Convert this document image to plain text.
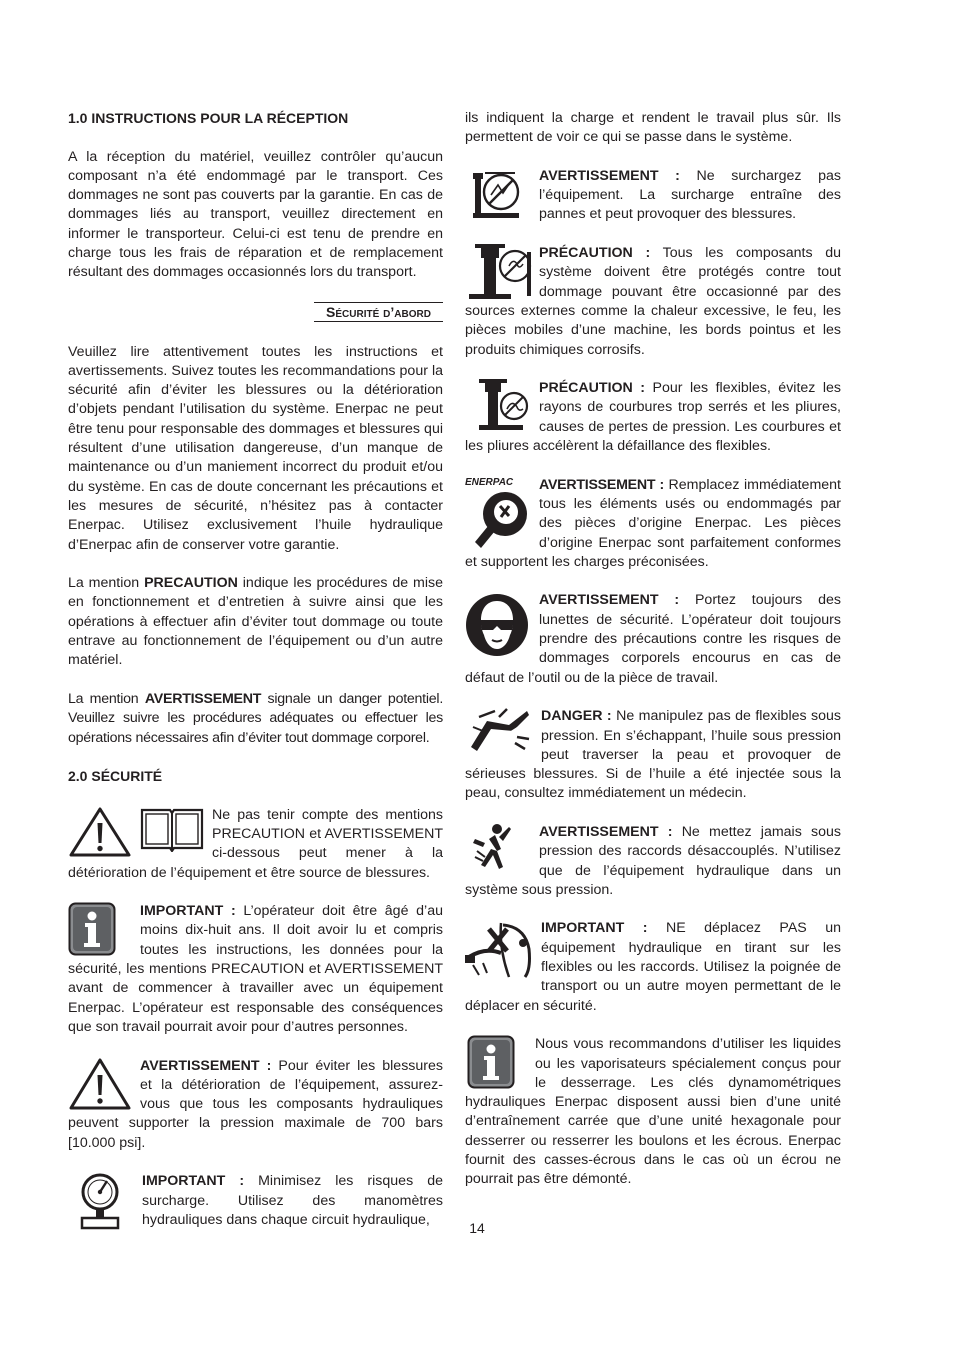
1.0 INSTRUCTIONS POUR LA RÉCEPTION

A la réception du matériel, veuillez contrôler qu’aucun composant n’a été endommagé par le transport. Ces dommages ne sont pas couverts par la garantie. En cas de dommages liés au transport, veuillez directement en informer le transporteur. Celui-ci est tenu de prendre en charge tous les frais de réparation et de remplacement résultant des dommages occasionnés lors du transport.

Sécurité d’abord

Veuillez lire attentivement toutes les instructions et avertissements. Suivez toutes les recommandations pour la sécurité afin d’éviter les blessures ou la détérioration d’objets pendant l’utilisation du système. Enerpac ne peut être tenu pour responsable des dommages et blessures qui résultent d’une utilisation dangereuse, d’un manque de maintenance ou d’un maniement incorrect du produit et/ou du système. En cas de doute concernant les précautions et les mesures de sécurité, n’hésitez pas à contacter Enerpac. Utilisez exclusivement l’huile hydraulique d’Enerpac afin de conserver votre garantie.

La mention PRECAUTION indique les procédures de mise en fonctionnement et d’entretien à suivre ainsi que les opérations à effectuer afin d’éviter tout dommage ou toute entrave au fonctionnement de l’équipement ou d’un autre matériel.

La mention AVERTISSEMENT signale un danger potentiel. Veuillez suivre les procédures adéquates ou effectuer les opérations nécessaires afin d’éviter tout dommage corporel.

2.0 SÉCURITÉ
Ne pas tenir compte des mentions PRECAUTION et AVERTISSEMENT ci-dessous peut mener à la détérioration de l’équipement et être source de blessures.
IMPORTANT : L’opérateur doit être âgé d’au moins dix-huit ans. Il doit avoir lu et compris toutes les instructions, les données pour la sécurité, les mentions PRECAUTION et AVERTISSEMENT avant de commencer à travailler avec un équipement Enerpac. L’opérateur est responsable des conséquences que son travail pourrait avoir pour d’autres personnes.
AVERTISSEMENT : Pour éviter les blessures et la détérioration de l’équipement, assurez-vous que tous les composants hydrauliques peuvent supporter la pression maximale de 700 bars [10.000 psi].
IMPORTANT : Minimisez les risques de surcharge. Utilisez des manomètres hydrauliques dans chaque circuit hydraulique,

ils indiquent la charge et rendent le travail plus sûr. Ils permettent de voir ce qui se passe dans le système.

AVERTISSEMENT : Ne surchargez pas l’équipement. La surcharge entraîne des pannes et peut provoquer des blessures.
PRÉCAUTION : Tous les composants du système doivent être protégés contre tout dommage pouvant être occasionné par des sources externes comme la chaleur excessive, le feu, les pièces mobiles d’une machine, les bords pointus et les produits chimiques corrosifs.
PRÉCAUTION : Pour les flexibles, évitez les rayons de courbures trop serrés et les pliures, causes de pertes de pression. Les courbures et les pliures accélèrent la défaillance des flexibles.
ENERPAC AVERTISSEMENT : Remplacez immédiatement tous les éléments usés ou endommagés par des pièces d’origine Enerpac. Les pièces d’origine Enerpac sont parfaitement conformes et supportent les charges préconisées.
AVERTISSEMENT : Portez toujours des lunettes de sécurité. L’opérateur doit toujours prendre des précautions contre les risques de dommages corporels encourus en cas de défaut de l’outil ou de la pièce de travail.
DANGER : Ne manipulez pas de flexibles sous pression. En s’échappant, l’huile sous pression peut traverser la peau et provoquer de sérieuses blessures. Si de l’huile a été injectée sous la peau, consultez immédiatement un médecin.
AVERTISSEMENT : Ne mettez jamais sous pression des raccords désaccouplés. N’utilisez que de l’équipement hydraulique dans un système sous pression.
IMPORTANT : NE déplacez PAS un équipement hydraulique en tirant sur les flexibles ou les raccords. Utilisez la poignée de transport ou un autre moyen permettant de le déplacer en sécurité.
Nous vous recommandons d’utiliser les liquides ou les vaporisateurs spécialement conçus pour le desserrage. Les clés dynamométriques hydrauliques Enerpac disposent aussi bien d’une unité d’entraînement carrée que d’une unité hexagonale pour desserrer ou resserrer les boulons et les écrous. Enerpac fournit des casses-écrous dans le cas où un écrou ne pourrait pas être démonté.
14
